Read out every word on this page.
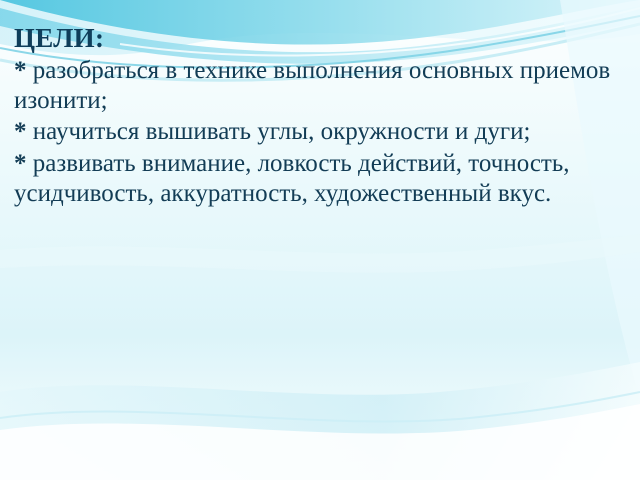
ЦЕЛИ:
* разобраться в технике выполнения основных приемов изонити;
* научиться вышивать углы, окружности и дуги;
* развивать внимание, ловкость действий, точность, усидчивость, аккуратность, художественный вкус.
